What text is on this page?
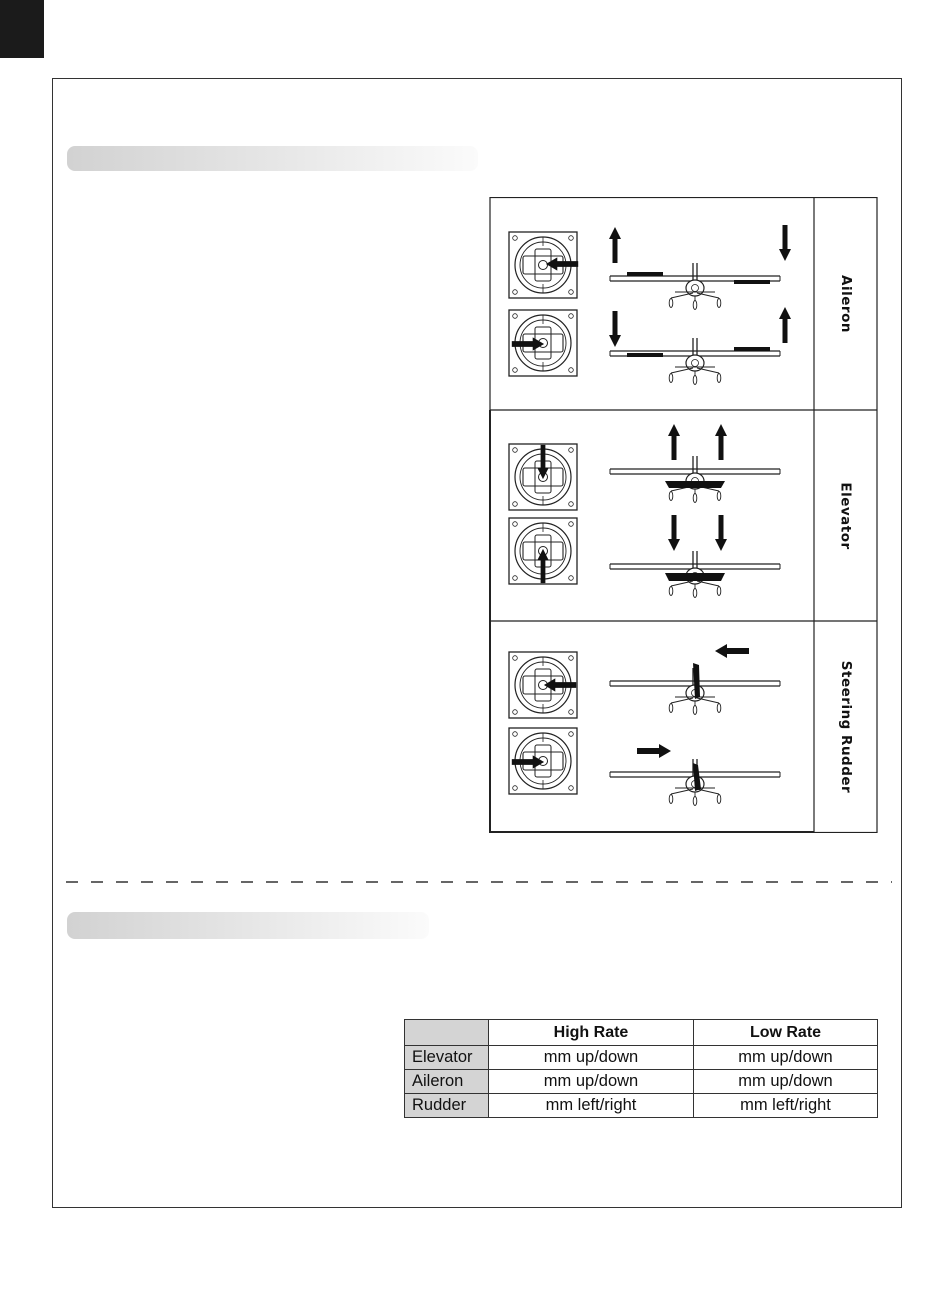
Aileron
Elevator
Steering Rudder
	High Rate	Low Rate
Elevator	mm up/down	mm up/down
Aileron	mm up/down	mm up/down
Rudder	mm left/right	mm left/right
